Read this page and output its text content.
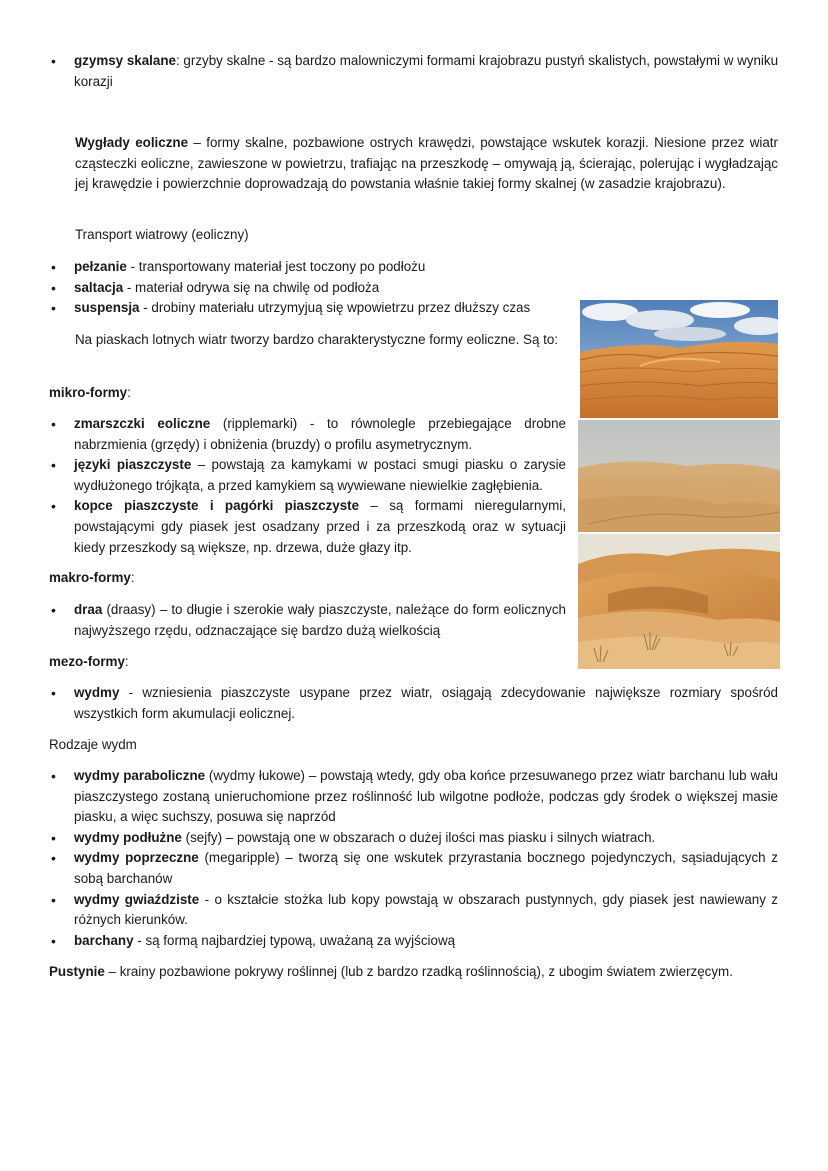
• gzymsy skalane: grzyby skalne - są bardzo malowniczymi formami krajobrazu pustyń skalistych, powstałymi w wyniku korazji
Wygłady eoliczne – formy skalne, pozbawione ostrych krawędzi, powstające wskutek korazji. Niesione przez wiatr cząsteczki eoliczne, zawieszone w powietrzu, trafiając na przeszkodę – omywają ją, ścierając, polerując i wygładzając jej krawędzie i powierzchnie doprowadzają do powstania właśnie takiej formy skalnej (w zasadzie krajobrazu).
Transport wiatrowy (eoliczny)
• pełzanie - transportowany materiał jest toczony po podłożu
• saltacja - materiał odrywa się na chwilę od podłoża
• suspensja - drobiny materiału utrzymyjuą się wpowietrzu przez dłuższy czas
Na piaskach lotnych wiatr tworzy bardzo charakterystyczne formy eoliczne. Są to:
mikro-formy:
• zmarszczki eoliczne (ripplemarki) - to równolegle przebiegające drobne nabrzmienia (grzędy) i obniżenia (bruzdy) o profilu asymetrycznym.
• języki piaszczyste – powstają za kamykami w postaci smugi piasku o zarysie wydłużonego trójkąta, a przed kamykiem są wywiewane niewielkie zagłębienia.
• kopce piaszczyste i pagórki piaszczyste – są formami nieregularnymi, powstającymi gdy piasek jest osadzany przed i za przeszkodą oraz w sytuacji kiedy przeszkody są większe, np. drzewa, duże głazy itp.
makro-formy:
• draa (draasy) – to długie i szerokie wały piaszczyste, należące do form eolicznych najwyższego rzędu, odznaczające się bardzo dużą wielkością
mezo-formy:
• wydmy - wzniesienia piaszczyste usypane przez wiatr, osiągają zdecydowanie największe rozmiary spośród wszystkich form akumulacji eolicznej.
Rodzaje wydm
• wydmy paraboliczne (wydmy łukowe) – powstają wtedy, gdy oba końce przesuwanego przez wiatr barchanu lub wału piaszczystego zostaną unieruchomione przez roślinność lub wilgotne podłoże, podczas gdy środek o większej masie piasku, a więc suchszy, posuwa się naprzód
• wydmy podłużne (sejfy) – powstają one w obszarach o dużej ilości mas piasku i silnych wiatrach.
• wydmy poprzeczne (megaripple) – tworzą się one wskutek przyrastania bocznego pojedynczych, sąsiadujących z sobą barchanów
• wydmy gwiaździste - o kształcie stożka lub kopy powstają w obszarach pustynnych, gdy piasek jest nawiewany z różnych kierunków.
• barchany - są formą najbardziej typową, uważaną za wyjściową
Pustynie – krainy pozbawione pokrywy roślinnej (lub z bardzo rzadką roślinnością), z ubogim światem zwierzęcym.
